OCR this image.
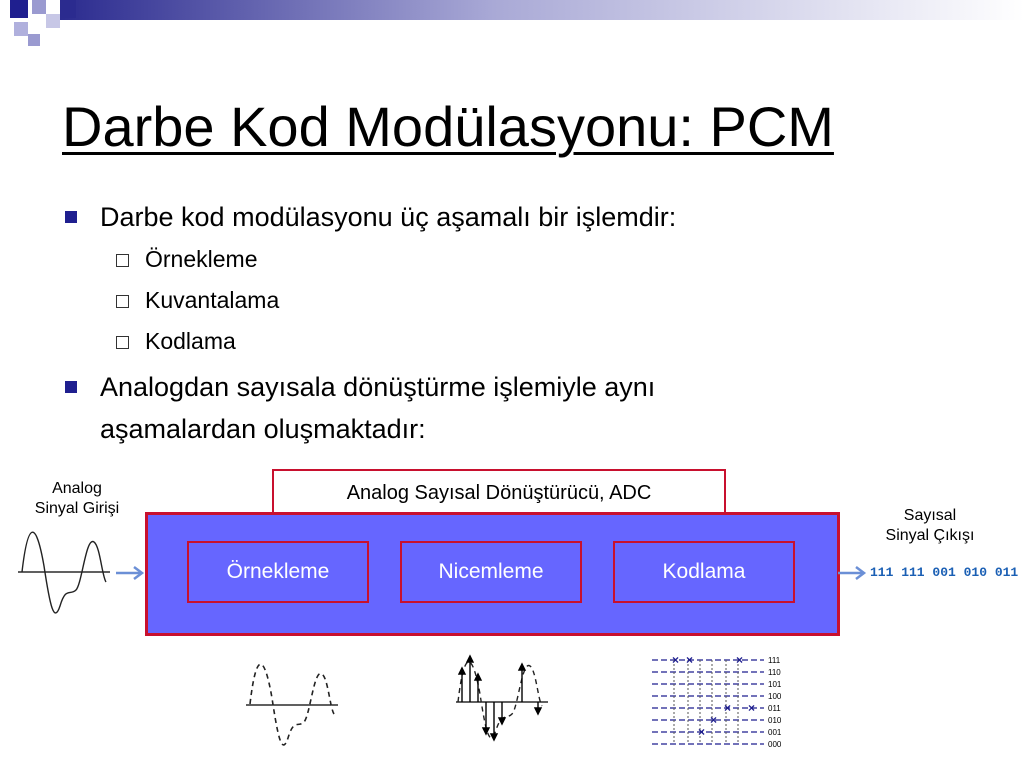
Darbe Kod Modülasyonu: PCM
Darbe kod modülasyonu üç aşamalı bir işlemdir:
Örnekleme
Kuvantalama
Kodlama
Analogdan sayısala dönüştürme işlemiyle aynı
aşamalardan oluşmaktadır:
Analog
Sinyal Girişi
Analog Sayısal Dönüştürücü, ADC
Örnekleme	Nicemleme	Kodlama
Sayısal
Sinyal Çıkışı
111 111 001 010 011
× ×
×
×
×
×
×
111
110
101
100
011
010
001
000
